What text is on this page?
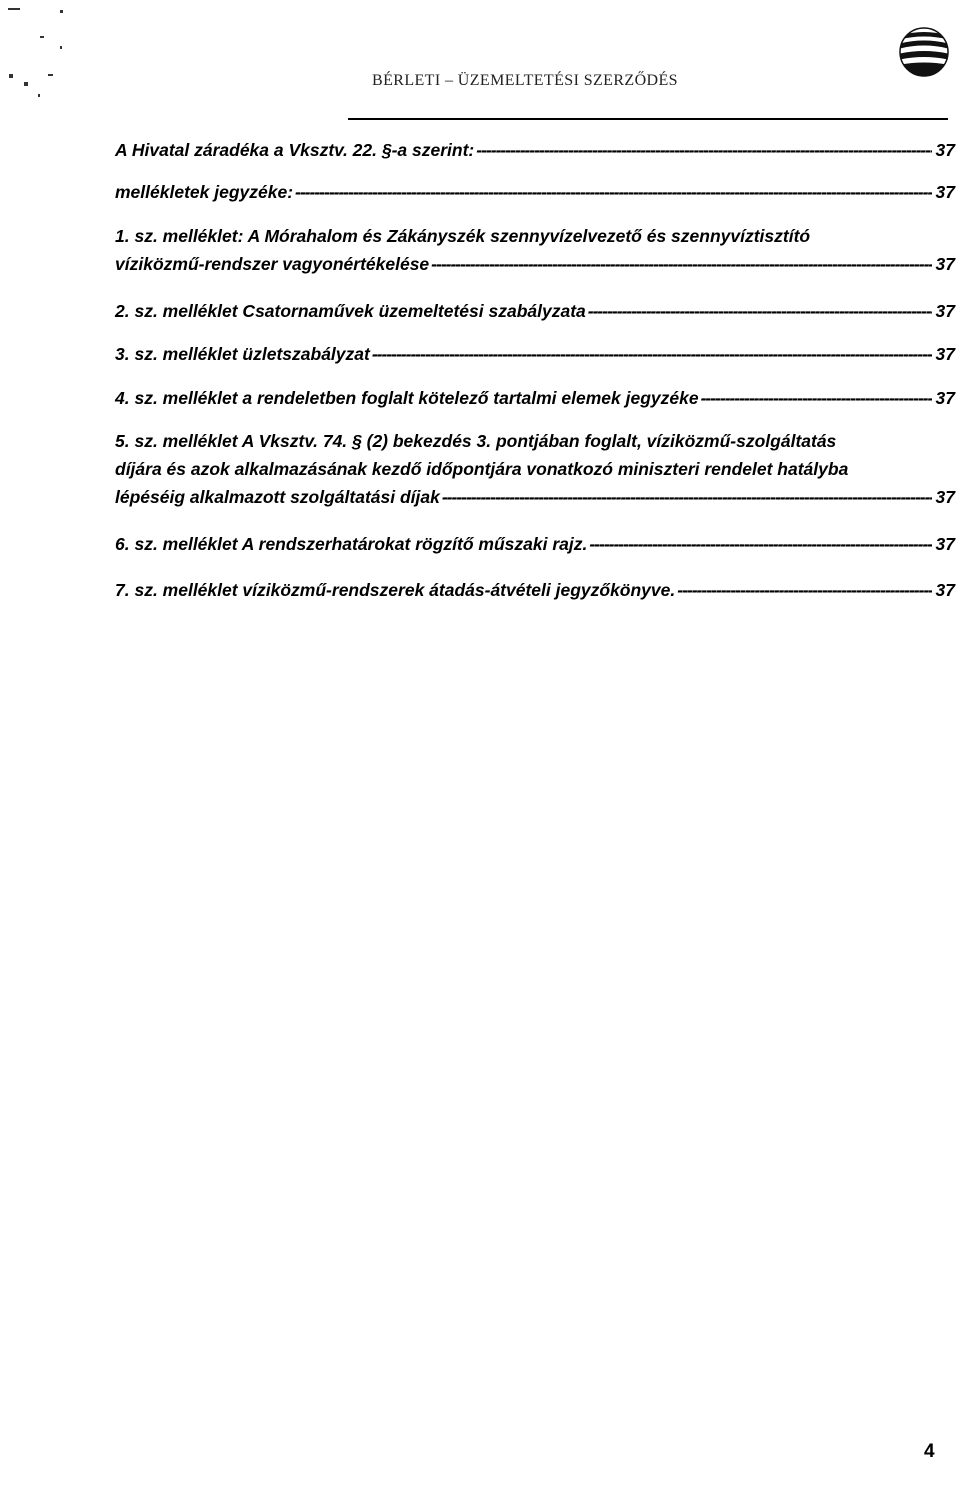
BÉRLETI – ÜZEMELTETÉSI SZERZŐDÉS
A Hivatal záradéka a Vksztv. 22. §-a szerint: -----	37
mellékletek jegyzéke: -----	37
1. sz. melléklet: A Mórahalom és Zákányszék szennyvízelvezető és szennyvíztisztító
víziközmű-rendszer vagyonértékelése -----	37
2. sz. melléklet Csatornaművek üzemeltetési szabályzata -----	37
3. sz. melléklet üzletszabályzat -----	37
4. sz. melléklet a rendeletben foglalt kötelező tartalmi elemek jegyzéke -----	37
5. sz. melléklet A Vksztv. 74. § (2) bekezdés 3. pontjában foglalt, víziközmű-szolgáltatás
díjára és azok alkalmazásának kezdő időpontjára vonatkozó miniszteri rendelet hatályba
lépéséig alkalmazott szolgáltatási díjak -----	37
6. sz. melléklet A rendszerhatárokat rögzítő műszaki rajz. -----	37
7. sz. melléklet víziközmű-rendszerek átadás-átvételi jegyzőkönyve. -----	37
4
